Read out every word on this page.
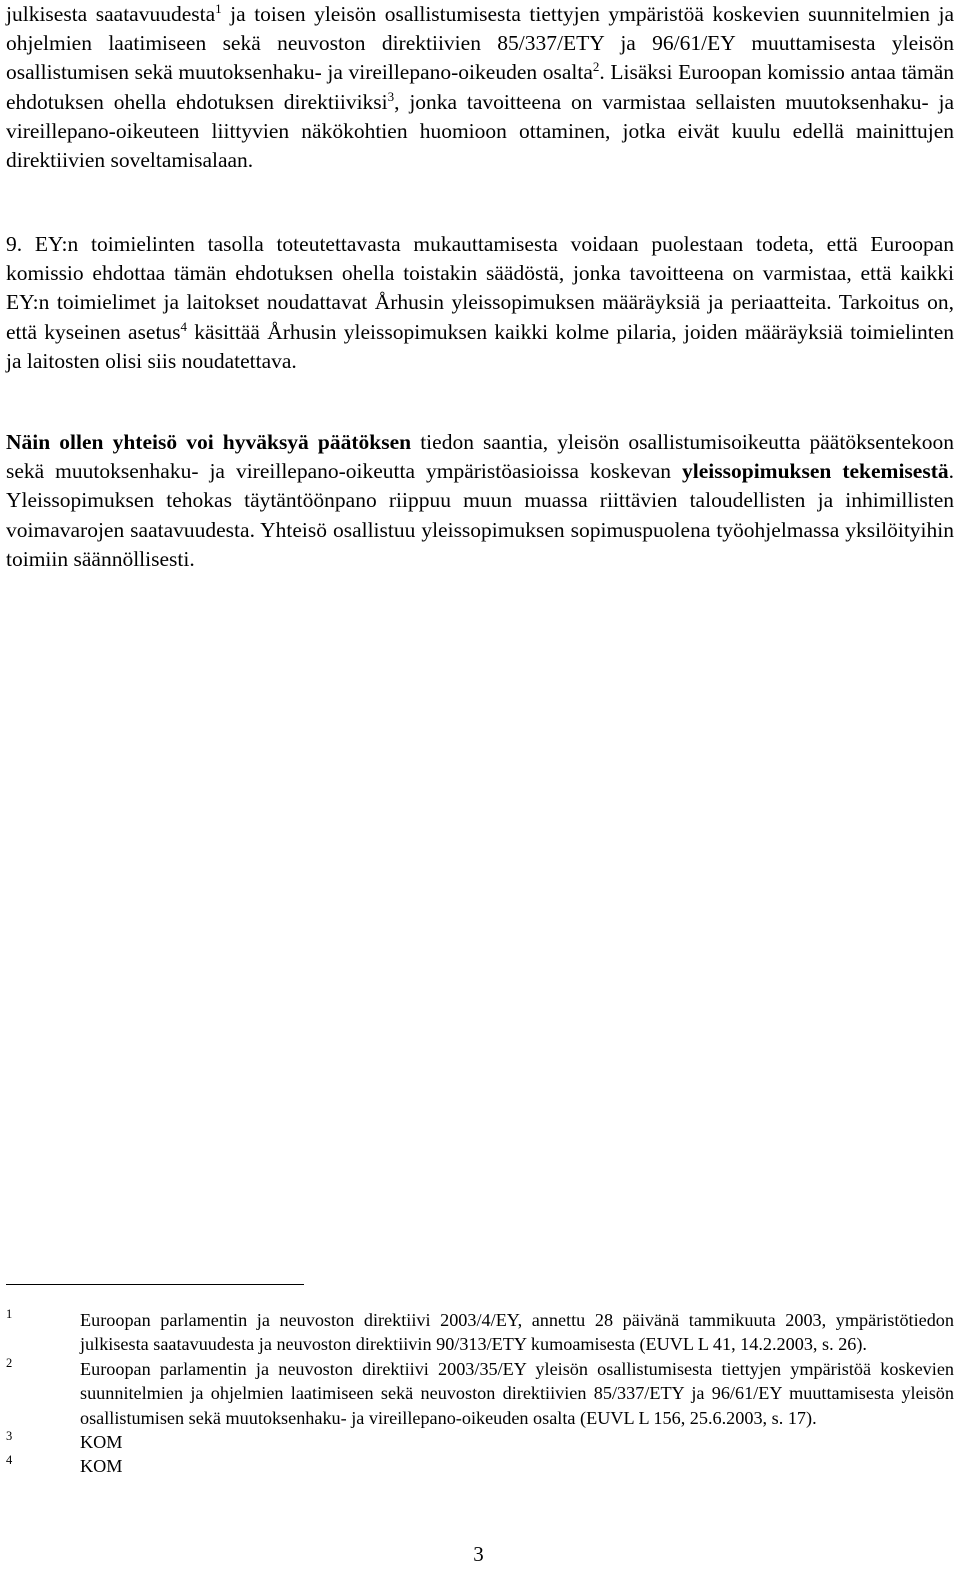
julkisesta saatavuudesta$^1$ ja toisen yleisön osallistumisesta tiettyjen ympäristöä koskevien suunnitelmien ja ohjelmien laatimiseen sekä neuvoston direktiivien 85/337/ETY ja 96/61/EY muuttamisesta yleisön osallistumisen sekä muutoksenhaku- ja vireillepano-oikeuden osalta$^2$. Lisäksi Euroopan komissio antaa tämän ehdotuksen ohella ehdotuksen direktiiviksi$^3$, jonka tavoitteena on varmistaa sellaisten muutoksenhaku- ja vireillepano-oikeuteen liittyvien näkökohtien huomioon ottaminen, jotka eivät kuulu edellä mainittujen direktiivien soveltamisalaan.

9. EY:n toimielinten tasolla toteutettavasta mukauttamisesta voidaan puolestaan todeta, että Euroopan komissio ehdottaa tämän ehdotuksen ohella toistakin säädöstä, jonka tavoitteena on varmistaa, että kaikki EY:n toimielimet ja laitokset noudattavat Århusin yleissopimuksen määräyksiä ja periaatteita. Tarkoitus on, että kyseinen asetus$^4$ käsittää Århusin yleissopimuksen kaikki kolme pilaria, joiden määräyksiä toimielinten ja laitosten olisi siis noudatettava.

Näin ollen yhteisö voi hyväksyä päätöksen tiedon saantia, yleisön osallistumisoikeutta päätöksentekoon sekä muutoksenhaku- ja vireillepano-oikeutta ympäristöasioissa koskevan yleissopimuksen tekemisestä. Yleissopimuksen tehokas täytäntöönpano riippuu muun muassa riittävien taloudellisten ja inhimillisten voimavarojen saatavuudesta. Yhteisö osallistuu yleissopimuksen sopimuspuolena työohjelmassa yksilöityihin toimiin säännöllisesti.

1	Euroopan parlamentin ja neuvoston direktiivi 2003/4/EY, annettu 28 päivänä tammikuuta 2003, ympäristötiedon julkisesta saatavuudesta ja neuvoston direktiivin 90/313/ETY kumoamisesta (EUVL L 41, 14.2.2003, s. 26).
2	Euroopan parlamentin ja neuvoston direktiivi 2003/35/EY yleisön osallistumisesta tiettyjen ympäristöä koskevien suunnitelmien ja ohjelmien laatimiseen sekä neuvoston direktiivien 85/337/ETY ja 96/61/EY muuttamisesta yleisön osallistumisen sekä muutoksenhaku- ja vireillepano-oikeuden osalta (EUVL L 156, 25.6.2003, s. 17).
3	KOM
4	KOM
3
